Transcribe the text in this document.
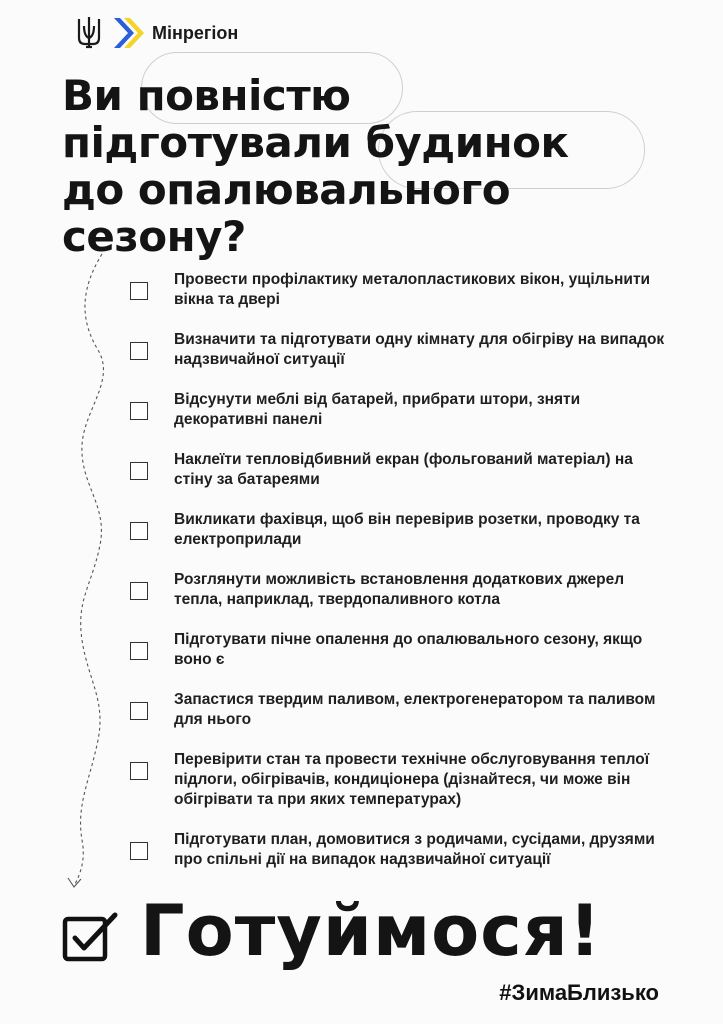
Мінрегіон
Ви повністю
підготували будинок
до опалювального
сезону?
Провести профілактику металопластикових вікон, ущільнити вікна та двері
Визначити та підготувати одну кімнату для обігріву на випадок надзвичайної ситуації
Відсунути меблі від батарей, прибрати штори, зняти декоративні панелі
Наклеїти тепловідбивний екран (фольгований матеріал) на стіну за батареями
Викликати фахівця, щоб він перевірив розетки, проводку та електроприлади
Розглянути можливість встановлення додаткових джерел тепла, наприклад, твердопаливного котла
Підготувати пічне опалення до опалювального сезону, якщо воно є
Запастися твердим паливом, електрогенератором та паливом для нього
Перевірити стан та провести технічне обслуговування теплої підлоги, обігрівачів, кондиціонера (дізнайтеся, чи може він обігрівати та при яких температурах)
Підготувати план, домовитися з родичами, сусідами, друзями про спільні дії на випадок надзвичайної ситуації
Готуймося!
#ЗимаБлизько
